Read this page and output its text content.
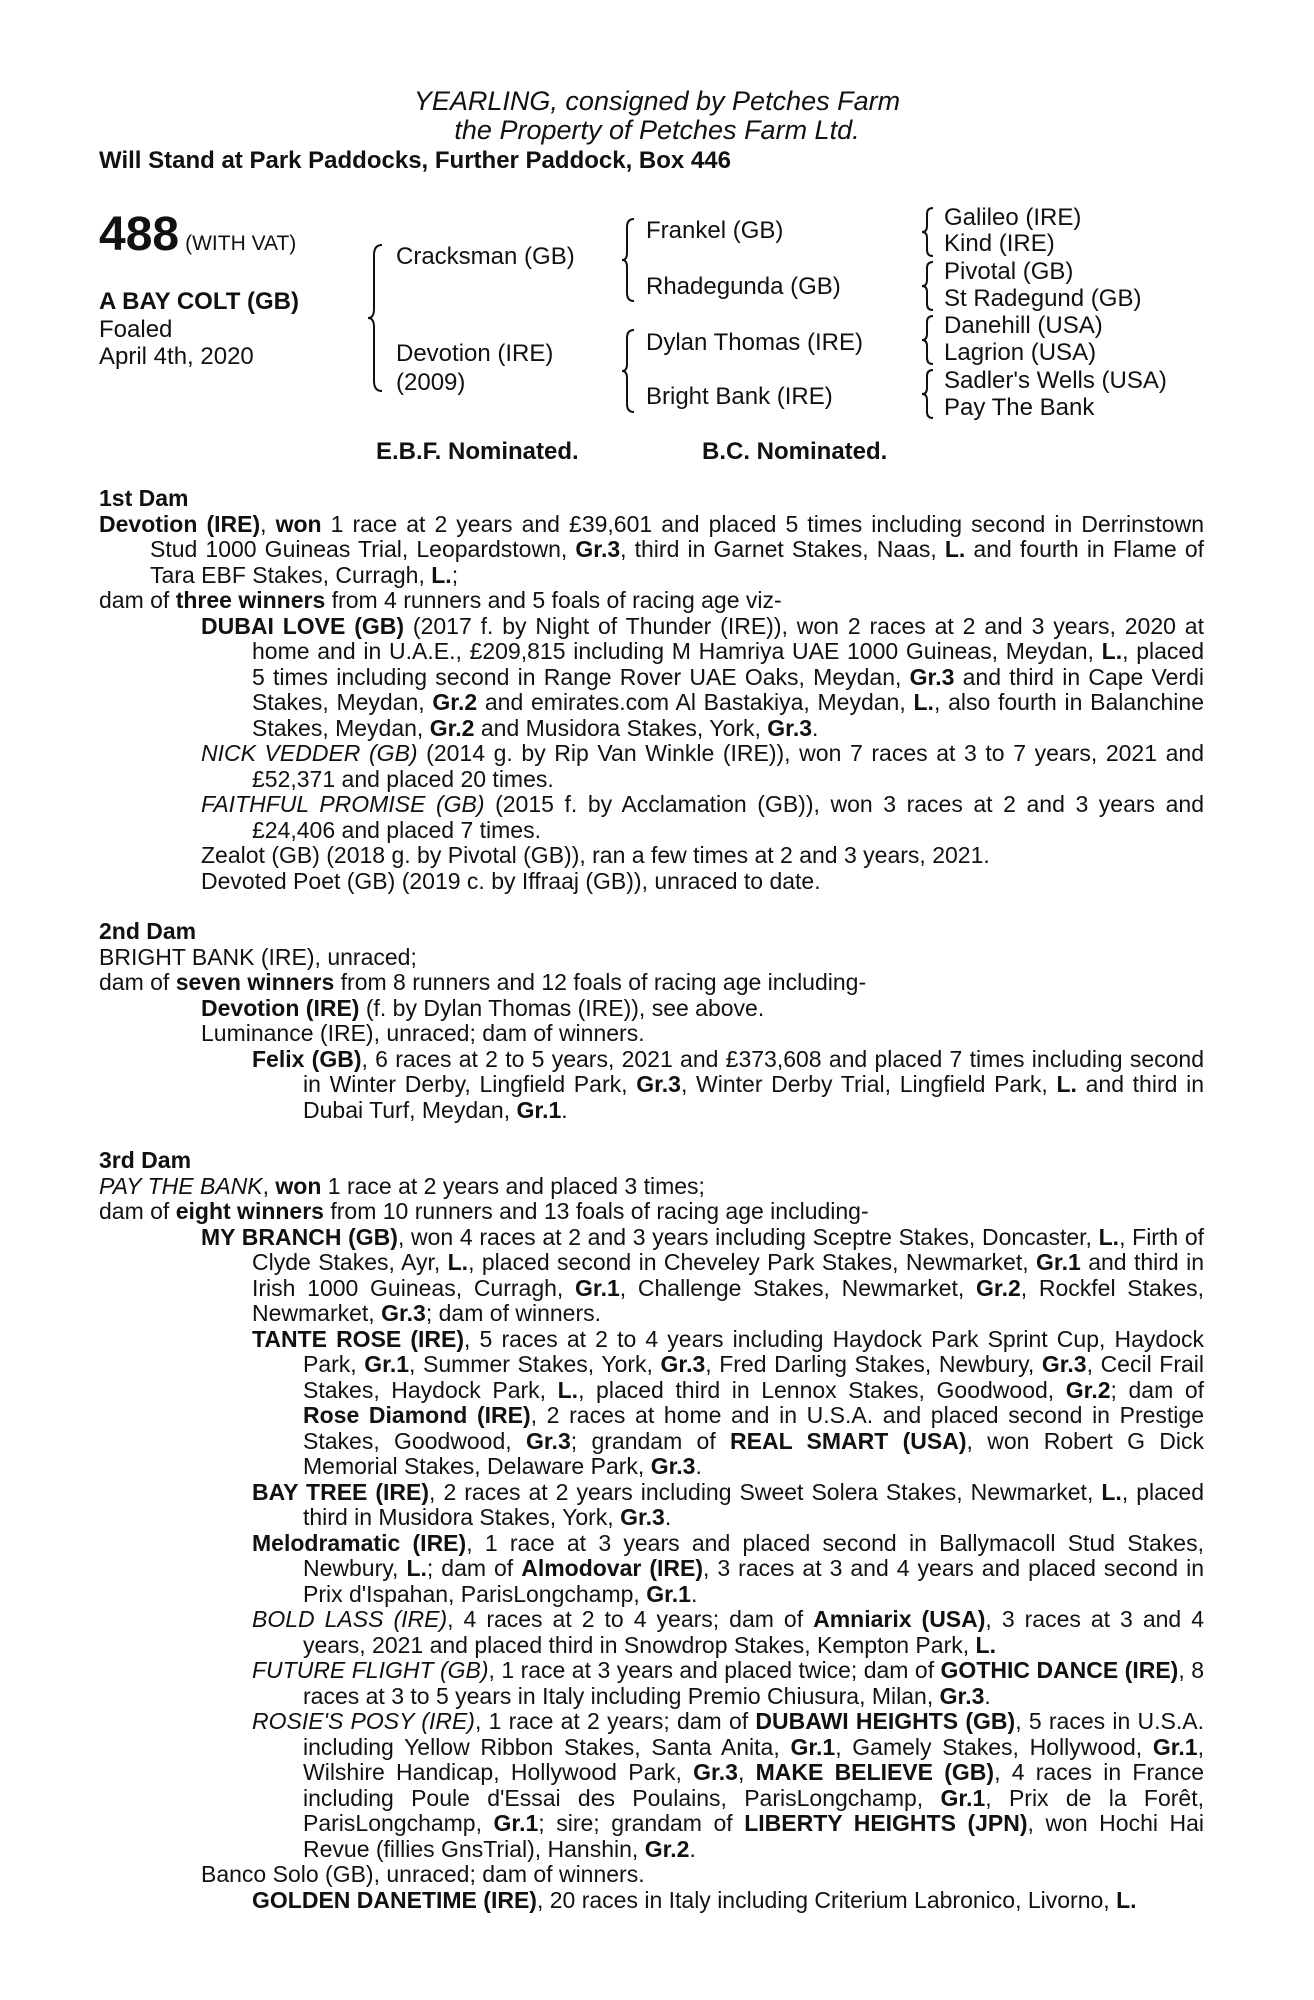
YEARLING, consigned by Petches Farm
the Property of Petches Farm Ltd.
Will Stand at Park Paddocks, Further Paddock, Box 446
488 (WITH VAT)
A BAY COLT (GB)
Foaled
April 4th, 2020
Cracksman (GB)
Devotion (IRE)
(2009)
Frankel (GB)
Rhadegunda (GB)
Dylan Thomas (IRE)
Bright Bank (IRE)
Galileo (IRE)
Kind (IRE)
Pivotal (GB)
St Radegund (GB)
Danehill (USA)
Lagrion (USA)
Sadler's Wells (USA)
Pay The Bank
E.B.F. Nominated.	B.C. Nominated.

1st Dam

Devotion (IRE), won 1 race at 2 years and £39,601 and placed 5 times including second in Derrinstown Stud 1000 Guineas Trial, Leopardstown, Gr.3, third in Garnet Stakes, Naas, L. and fourth in Flame of Tara EBF Stakes, Curragh, L.;

dam of three winners from 4 runners and 5 foals of racing age viz-

DUBAI LOVE (GB) (2017 f. by Night of Thunder (IRE)), won 2 races at 2 and 3 years, 2020 at home and in U.A.E., £209,815 including M Hamriya UAE 1000 Guineas, Meydan, L., placed 5 times including second in Range Rover UAE Oaks, Meydan, Gr.3 and third in Cape Verdi Stakes, Meydan, Gr.2 and emirates.com Al Bastakiya, Meydan, L., also fourth in Balanchine Stakes, Meydan, Gr.2 and Musidora Stakes, York, Gr.3.

NICK VEDDER (GB) (2014 g. by Rip Van Winkle (IRE)), won 7 races at 3 to 7 years, 2021 and £52,371 and placed 20 times.

FAITHFUL PROMISE (GB) (2015 f. by Acclamation (GB)), won 3 races at 2 and 3 years and £24,406 and placed 7 times.

Zealot (GB) (2018 g. by Pivotal (GB)), ran a few times at 2 and 3 years, 2021.

Devoted Poet (GB) (2019 c. by Iffraaj (GB)), unraced to date.

2nd Dam

BRIGHT BANK (IRE), unraced;

dam of seven winners from 8 runners and 12 foals of racing age including-

Devotion (IRE) (f. by Dylan Thomas (IRE)), see above.

Luminance (IRE), unraced; dam of winners.

Felix (GB), 6 races at 2 to 5 years, 2021 and £373,608 and placed 7 times including second in Winter Derby, Lingfield Park, Gr.3, Winter Derby Trial, Lingfield Park, L. and third in Dubai Turf, Meydan, Gr.1.

3rd Dam

PAY THE BANK, won 1 race at 2 years and placed 3 times;

dam of eight winners from 10 runners and 13 foals of racing age including-

MY BRANCH (GB), won 4 races at 2 and 3 years including Sceptre Stakes, Doncaster, L., Firth of Clyde Stakes, Ayr, L., placed second in Cheveley Park Stakes, Newmarket, Gr.1 and third in Irish 1000 Guineas, Curragh, Gr.1, Challenge Stakes, Newmarket, Gr.2, Rockfel Stakes, Newmarket, Gr.3; dam of winners.

TANTE ROSE (IRE), 5 races at 2 to 4 years including Haydock Park Sprint Cup, Haydock Park, Gr.1, Summer Stakes, York, Gr.3, Fred Darling Stakes, Newbury, Gr.3, Cecil Frail Stakes, Haydock Park, L., placed third in Lennox Stakes, Goodwood, Gr.2; dam of Rose Diamond (IRE), 2 races at home and in U.S.A. and placed second in Prestige Stakes, Goodwood, Gr.3; grandam of REAL SMART (USA), won Robert G Dick Memorial Stakes, Delaware Park, Gr.3.

BAY TREE (IRE), 2 races at 2 years including Sweet Solera Stakes, Newmarket, L., placed third in Musidora Stakes, York, Gr.3.

Melodramatic (IRE), 1 race at 3 years and placed second in Ballymacoll Stud Stakes, Newbury, L.; dam of Almodovar (IRE), 3 races at 3 and 4 years and placed second in Prix d'Ispahan, ParisLongchamp, Gr.1.

BOLD LASS (IRE), 4 races at 2 to 4 years; dam of Amniarix (USA), 3 races at 3 and 4 years, 2021 and placed third in Snowdrop Stakes, Kempton Park, L.

FUTURE FLIGHT (GB), 1 race at 3 years and placed twice; dam of GOTHIC DANCE (IRE), 8 races at 3 to 5 years in Italy including Premio Chiusura, Milan, Gr.3.

ROSIE'S POSY (IRE), 1 race at 2 years; dam of DUBAWI HEIGHTS (GB), 5 races in U.S.A. including Yellow Ribbon Stakes, Santa Anita, Gr.1, Gamely Stakes, Hollywood, Gr.1, Wilshire Handicap, Hollywood Park, Gr.3, MAKE BELIEVE (GB), 4 races in France including Poule d'Essai des Poulains, ParisLongchamp, Gr.1, Prix de la Forêt, ParisLongchamp, Gr.1; sire; grandam of LIBERTY HEIGHTS (JPN), won Hochi Hai Revue (fillies GnsTrial), Hanshin, Gr.2.

Banco Solo (GB), unraced; dam of winners.

GOLDEN DANETIME (IRE), 20 races in Italy including Criterium Labronico, Livorno, L.
